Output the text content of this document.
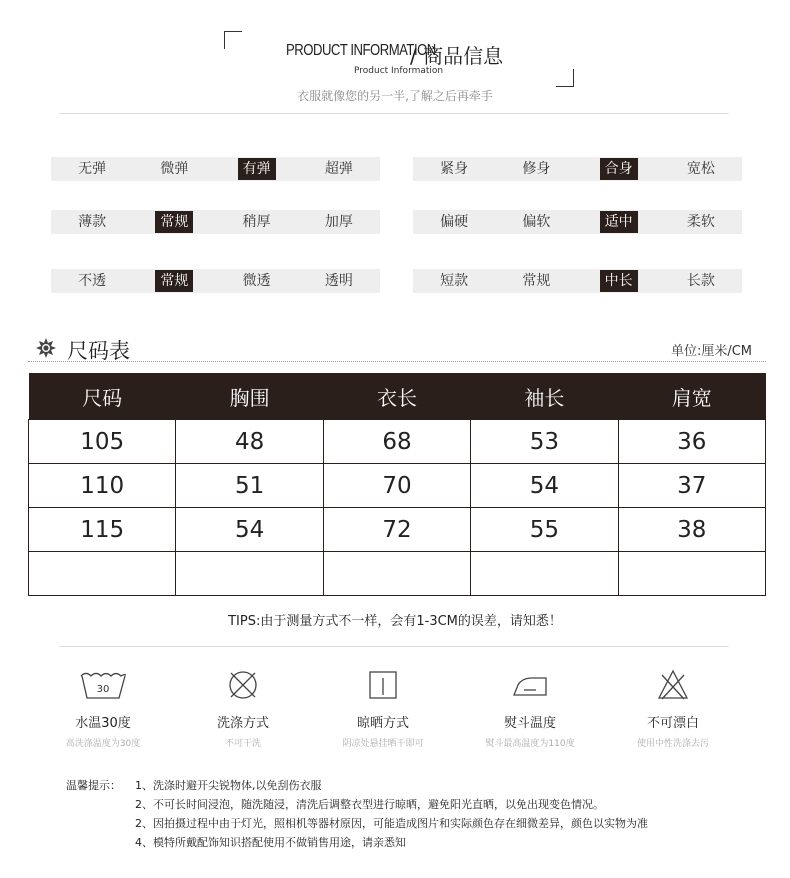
PRODUCT INFORMATION
/ 商品信息
Product Information
衣服就像您的另一半,了解之后再牵手
无弹	微弹	有弹	超弹	紧身	修身	合身	宽松
薄款	常规	稍厚	加厚	偏硬	偏软	适中	柔软
不透	常规	微透	透明	短款	常规	中长	长款
尺码表	单位:厘米/CM
尺码	胸围	衣长	袖长	肩宽
105	48	68	53	36
110	51	70	54	37
115	54	72	55	38

TIPS:由于测量方式不一样，会有1-3CM的误差，请知悉！
30
水温30度
高洗涤温度为30度
洗涤方式
不可干洗
晾晒方式
阴凉处悬挂晒干即可
熨斗温度
熨斗最高温度为110度
不可漂白
使用中性洗涤去污
温馨提示： 1、洗涤时避开尖锐物体,以免刮伤衣服
2、不可长时间浸泡，随洗随浸，清洗后调整衣型进行晾晒，避免阳光直晒，以免出现变色情况。
2、因拍摄过程中由于灯光，照相机等器材原因，可能造成图片和实际颜色存在细微差异，颜色以实物为准
4、模特所戴配饰知识搭配使用不做销售用途，请亲悉知
